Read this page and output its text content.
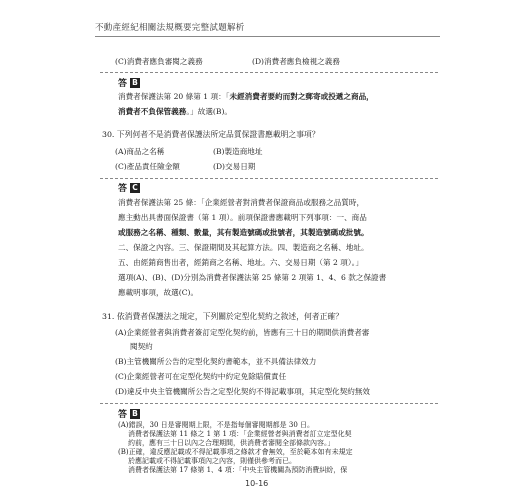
不動產經紀相關法規概要完整試題解析
(C)消費者應負審閱之義務	(D)消費者應負檢視之義務
答 B
消費者保護法第 20 條第 1 項：「未經消費者要約而對之郵寄或投遞之商品，
消費者不負保管義務。」故選(B)。
30. 下列何者不是消費者保護法所定品質保證書應載明之事項？
(A)商品之名稱	(B)製造商地址
(C)產品責任險金額	(D)交易日期
答 C
消費者保護法第 25 條：「企業經營者對消費者保證商品或服務之品質時，
應主動出具書面保證書（第 1 項）。前項保證書應載明下列事項：一、商品
或服務之名稱、種類、數量，其有製造號碼或批號者，其製造號碼或批號。
二、保證之內容。三、保證期間及其起算方法。四、製造商之名稱、地址。
五、由經銷商售出者，經銷商之名稱、地址。六、交易日期（第 2 項）。」
選項(A)、(B)、(D)分別為消費者保護法第 25 條第 2 項第 1、4、6 款之保證書
應載明事項，故選(C)。
31. 依消費者保護法之規定，下列關於定型化契約之敘述，何者正確？
(A)企業經營者與消費者簽訂定型化契約前，皆應有三十日的期間供消費者審
閱契約
(B)主管機關所公告的定型化契約書範本，並不具備法律效力
(C)企業經營者可在定型化契約中約定免除賠償責任
(D)違反中央主管機關所公告之定型化契約不得記載事項，其定型化契約無效
答 B
(A)錯誤，30 日是審閱期上限，不是指每個審閱期都是 30 日。
消費者保護法第 11 條之 1 第 1 項：「企業經營者與消費者訂立定型化契
約前，應有三十日以內之合理期間，供消費者審閱全部條款內容。」
(B)正確，違反應記載或不得記載事項之條款才會無效，至於範本如有未規定
於應記載或不得記載事項內之內容，則僅供參考而已。
消費者保護法第 17 條第 1、4 項：「中央主管機關為預防消費糾紛，保
10-16
